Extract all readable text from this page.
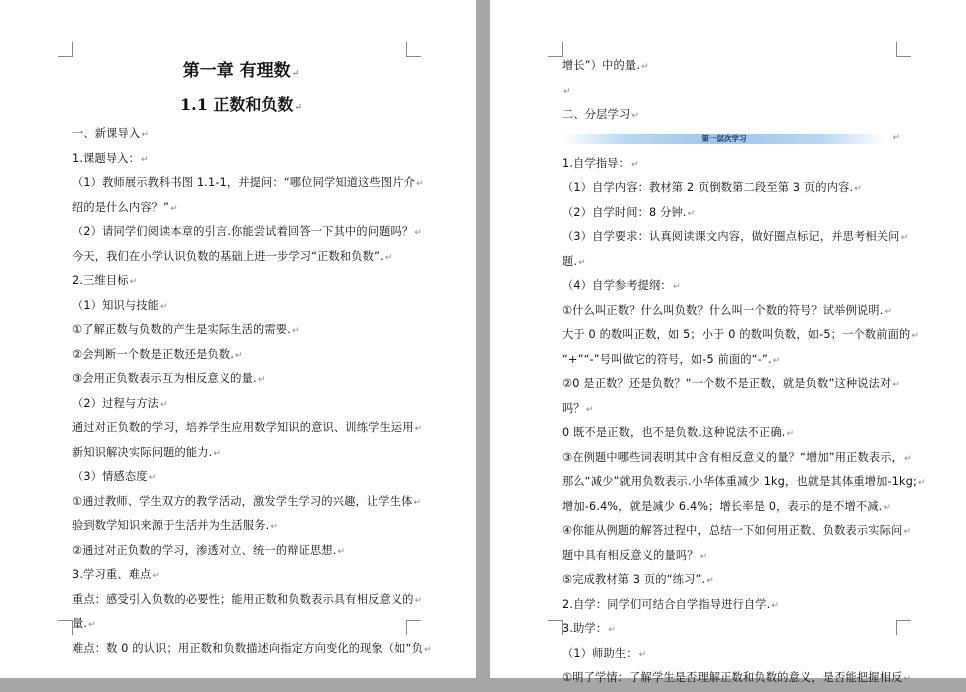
第一章 有理数↵
1.1 正数和负数↵
一、新课导入↵
1.课题导入：↵
（1）教师展示教科书图 1.1-1，并提问：“哪位同学知道这些图片介↵
绍的是什么内容？”↵
（2）请同学们阅读本章的引言.你能尝试着回答一下其中的问题吗？↵
今天，我们在小学认识负数的基础上进一步学习“正数和负数”.↵
2.三维目标↵
（1）知识与技能↵
①了解正数与负数的产生是实际生活的需要.↵
②会判断一个数是正数还是负数.↵
③会用正负数表示互为相反意义的量.↵
（2）过程与方法↵
通过对正负数的学习，培养学生应用数学知识的意识、训练学生运用↵
新知识解决实际问题的能力.↵
（3）情感态度↵
①通过教师、学生双方的教学活动，激发学生学习的兴趣，让学生体↵
验到数学知识来源于生活并为生活服务.↵
②通过对正负数的学习，渗透对立、统一的辩证思想.↵
3.学习重、难点↵
重点：感受引入负数的必要性；能用正数和负数表示具有相反意义的↵
量.↵
难点：数 0 的认识；用正数和负数描述向指定方向变化的现象（如“负↵
增长”）中的量.↵
↵
二、分层学习↵
第一层次学习	↵
1.自学指导：↵
（1）自学内容：教材第 2 页倒数第二段至第 3 页的内容.↵
（2）自学时间：8 分钟.↵
（3）自学要求：认真阅读课文内容，做好圈点标记，并思考相关问↵
题.↵
（4）自学参考提纲：↵
①什么叫正数？什么叫负数？什么叫一个数的符号？试举例说明.↵
大于 0 的数叫正数，如 5；小于 0 的数叫负数，如-5；一个数前面的↵
“+”“-”号叫做它的符号，如-5 前面的“-”.↵
②0 是正数？还是负数？“一个数不是正数，就是负数”这种说法对↵
吗？↵
0 既不是正数，也不是负数.这种说法不正确.↵
③在例题中哪些词表明其中含有相反意义的量？“增加”用正数表示，↵
那么“减少”就用负数表示.小华体重减少 1kg，也就是其体重增加-1kg;↵
增加-6.4%，就是减少 6.4%；增长率是 0，表示的是不增不减.↵
④你能从例题的解答过程中，总结一下如何用正数、负数表示实际问↵
题中具有相反意义的量吗？↵
⑤完成教材第 3 页的“练习”.↵
2.自学：同学们可结合自学指导进行自学.↵
3.助学：↵
（1）师助生：↵
①明了学情：了解学生是否理解正数和负数的意义，是否能把握相反↵
